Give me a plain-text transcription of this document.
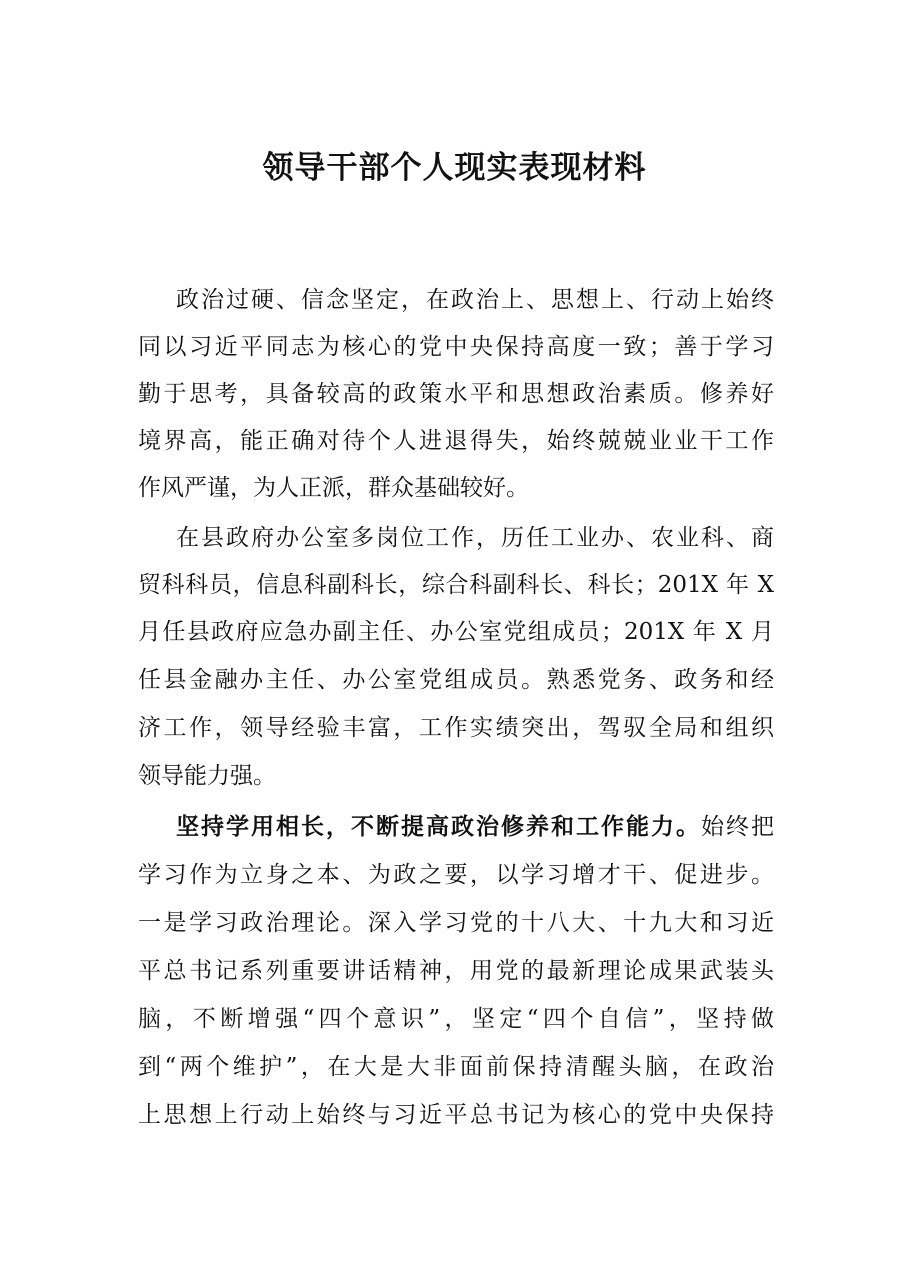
领导干部个人现实表现材料
政治过硬、信念坚定，在政治上、思想上、行动上始终
同以习近平同志为核心的党中央保持高度一致；善于学习
勤于思考，具备较高的政策水平和思想政治素质。修养好
境界高，能正确对待个人进退得失，始终兢兢业业干工作
作风严谨，为人正派，群众基础较好。
在县政府办公室多岗位工作，历任工业办、农业科、商
贸科科员，信息科副科长，综合科副科长、科长；201X 年 X
月任县政府应急办副主任、办公室党组成员；201X 年 X 月
任县金融办主任、办公室党组成员。熟悉党务、政务和经
济工作，领导经验丰富，工作实绩突出，驾驭全局和组织
领导能力强。
坚持学用相长，不断提高政治修养和工作能力。始终把
学习作为立身之本、为政之要，以学习增才干、促进步。
一是学习政治理论。深入学习党的十八大、十九大和习近
平总书记系列重要讲话精神，用党的最新理论成果武装头
脑，不断增强“四个意识”，坚定“四个自信”，坚持做
到“两个维护”，在大是大非面前保持清醒头脑，在政治
上思想上行动上始终与习近平总书记为核心的党中央保持
